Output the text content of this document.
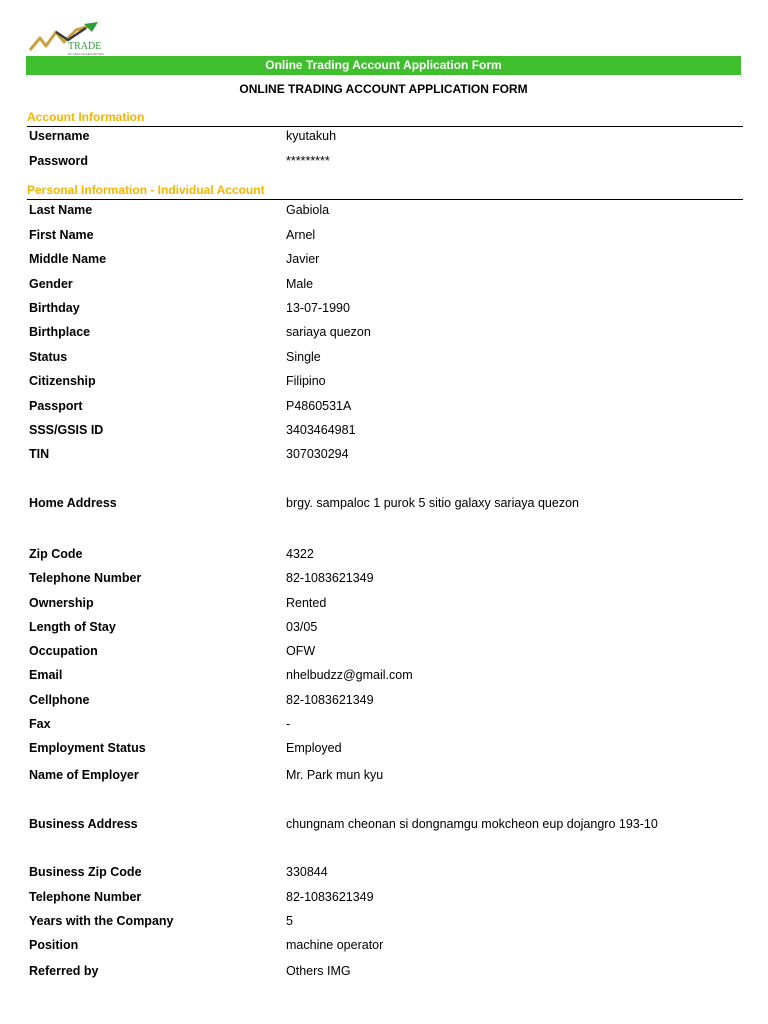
TRADE
BY ABACUS SECURITIES
Online Trading Account Application Form
ONLINE TRADING ACCOUNT APPLICATION FORM
Account Information
Personal Information - Individual Account
Username	kyutakuh
Password	*********
Last Name	Gabiola
First Name	Arnel
Middle Name	Javier
Gender	Male
Birthday	13-07-1990
Birthplace	sariaya quezon
Status	Single
Citizenship	Filipino
Passport	P4860531A
SSS/GSIS ID	3403464981
TIN	307030294
Home Address	brgy. sampaloc 1 purok 5 sitio galaxy sariaya quezon
Zip Code	4322
Telephone Number	82-1083621349
Ownership	Rented
Length of Stay	03/05
Occupation	OFW
Email	nhelbudzz@gmail.com
Cellphone	82-1083621349
Fax	-
Employment Status	Employed
Name of Employer	Mr. Park mun kyu
Business Address	chungnam cheonan si dongnamgu mokcheon eup dojangro 193-10
Business Zip Code	330844
Telephone Number	82-1083621349
Years with the Company	5
Position	machine operator
Referred by	Others IMG
